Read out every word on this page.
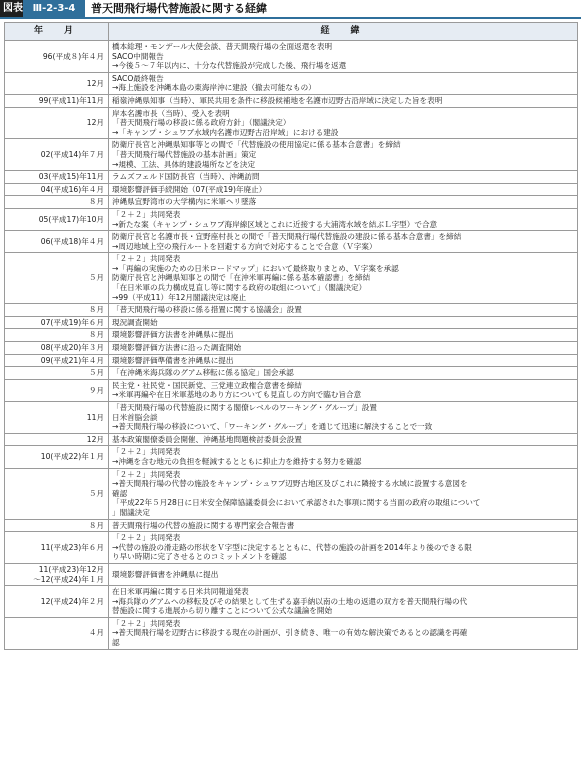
図表 Ⅲ-2-3-4	普天間飛行場代替施設に関する経緯
年　月	経　緯

96(平成８)年４月	橋本総理・モンデール大使会談、普天間飛行場の全面返還を表明
SACO中間報告
→今後５～７年以内に、十分な代替施設が完成した後、飛行場を返還

12月	SACO最終報告
→海上施設を沖縄本島の東海岸沖に建設（撤去可能なもの）

99(平成11)年11月	稲嶺沖縄県知事（当時）、軍民共用を条件に移設候補地を名護市辺野古沿岸域に決定した旨を表明

12月	岸本名護市長（当時）、受入を表明
「普天間飛行場の移設に係る政府方針」（閣議決定）
→「キャンプ・シュワブ水域内名護市辺野古沿岸域」における建設

02(平成14)年７月	防衛庁長官と沖縄県知事等との間で「代替施設の使用協定に係る基本合意書」を締結
「普天間飛行場代替施設の基本計画」策定
→規模、工法、具体的建設場所などを決定

03(平成15)年11月	ラムズフェルド国防長官（当時）、沖縄訪問

04(平成16)年４月	環境影響評価手続開始（07(平成19)年廃止）

８月	沖縄県宜野湾市の大学構内に米軍ヘリ墜落

05(平成17)年10月	「２＋２」共同発表
→新たな案（キャンプ・シュワブ海岸線区域とこれに近接する大浦湾水域を結ぶＬ字型）で合意

06(平成18)年４月	防衛庁長官と名護市長・宜野座村長との間で「普天間飛行場代替施設の建設に係る基本合意書」を締結
→周辺地域上空の飛行ルートを回避する方向で対応することで合意（Ｖ字案）

５月	「２＋２」共同発表
→「再編の実施のための日米ロードマップ」において最終取りまとめ、Ｖ字案を承認
防衛庁長官と沖縄県知事との間で「在沖米軍再編に係る基本確認書」を締結
「在日米軍の兵力構成見直し等に関する政府の取組について」（閣議決定）
→99（平成11）年12月閣議決定は廃止

８月	「普天間飛行場の移設に係る措置に関する協議会」設置

07(平成19)年６月	現況調査開始

８月	環境影響評価方法書を沖縄県に提出

08(平成20)年３月	環境影響評価方法書に沿った調査開始

09(平成21)年４月	環境影響評価準備書を沖縄県に提出

５月	「在沖縄米海兵隊のグアム移転に係る協定」国会承認

９月	民主党・社民党・国民新党、三党連立政権合意書を締結
→米軍再編や在日米軍基地のあり方についても見直しの方向で臨む旨合意

11月	「普天間飛行場の代替施設に関する閣僚レベルのワーキング・グループ」設置
日米首脳会談
→普天間飛行場の移設について、「ワーキング・グループ」を通じて迅速に解決することで一致

12月	基本政策閣僚委員会開催、沖縄基地問題検討委員会設置

10(平成22)年１月	「２＋２」共同発表
→沖縄を含む地元の負担を軽減するとともに抑止力を維持する努力を確認

５月	「２＋２」共同発表
→普天間飛行場の代替の施設をキャンプ・シュワブ辺野古地区及びこれに隣接する水域に設置する意図を
確認
「平成22年５月28日に日米安全保障協議委員会において承認された事項に関する当面の政府の取組について
」閣議決定

８月	普天間飛行場の代替の施設に関する専門家会合報告書

11(平成23)年６月	「２＋２」共同発表
→代替の施設の滑走路の形状をＶ字型に決定するとともに、代替の施設の計画を2014年より後のできる限
り早い時期に完了させるとのコミットメントを確認

11(平成23)年12月
～12(平成24)年１月	環境影響評価書を沖縄県に提出

12(平成24)年２月	在日米軍再編に関する日米共同報道発表
→海兵隊のグアムへの移転及びその結果として生ずる嘉手納以南の土地の返還の双方を普天間飛行場の代
替施設に関する進展から切り離すことについて公式な議論を開始

４月	「２＋２」共同発表
→普天間飛行場を辺野古に移設する現在の計画が、引き続き、唯一の有効な解決策であるとの認識を再確
認
